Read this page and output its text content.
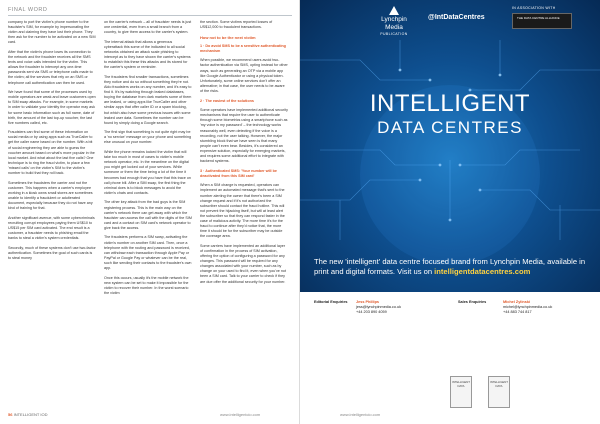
FINAL WORD

company to port the victim's phone number to the fraudster's SIM, for example by impersonating the victim and claiming they have lost their phone. They then ask for the number to be activated on a new SIM card.

After that the victim's phone loses its connection to the network and the fraudster receives all the SMS texts and voice calls intended for the victim. This allows the fraudster to intercept any one-time passwords sent via SMS or telephone calls made to the victim; all the services that rely on an SMS or telephone call authentication can then be used.

We have found that some of the processes used by mobile operators are weak and leave customers open to SIM swap attacks. For example, in some markets in order to validate your identity the operator may ask for some basic information such as full name, date of birth, the amount of the last top-up voucher, the last five numbers called, etc.

Fraudsters can find some of these information on social media or by using apps such as TrueCaller to get the caller name based on the number. With a bit of social engineering they are able to guess the voucher amount based on what's more popular in the local market. And what about the last five calls? One technique is to ring the fraud victim, to place a few 'missed calls' on the victim's SIM to the victim's number to build that they roll back.

Sometimes the fraudsters the carrier and not the customer. This happens when a carrier's employee working in a kiosk owns small stores are sometimes unable to identify a fraudulent or adulterated document, especially because they do not have any kind of training for that.

Another significant avenue, with some cybercriminals recruiting corrupt employees paying them US$10 to US$15 per SIM card activated. The end result is a customer, a fraudster needs to phishing email the banks to steal a victim's system credentials.

Secondly, much of these systems don't use two-factor authentication. Sometimes the goal of such cards is to steal money

on the carrier's network – all of fraudster needs is just one credential, even from a small branch from a country, to give them access to the carrier's system.

The internal attack that allows a generous cyberattack this some of the indicated to all social networks obtained an attack scale phishing to intercept as to they have shown the carrier's systems to establish this these this attacks and its stored for the carrier's system or reminder.

The fraudsters find smaller transactions, sometimes they notice and do so without something they're not. Aldo fraudsters works on any number, and it's easy to find it. It's by watching through leaked databases, buying the database from dark markets some of them are leaked, or using apps like TrueCaller and other similar apps that offer caller ID or a spam blocking, but which also have some previous issues with some leaked user data. Sometimes the number can be found by simply doing a Google search.

The first sign that something is not quite right may be a 'no service' message on your phone and something else unusual on your number.

While the phone remains locked the victim that will take too much in most of cases to victim's mobile network operator, etc. In the meantime on the digital you might get locked out of your services. While someone or them the time being a lot of the time it becomes bad enough that you have that this trace on call phone bill. After a SIM swap, the first thing the criminal does is to block messages to avoid the victim's chats and contacts.

The other key attack from the bad guys is the SIM registering process. This is the main way on the carrier's network there can get away with which the fraudster can access the call with the digits of the SIM card and a contact on SIM card's network operator to give back the access.

The fraudsters performs a SIM swap, activating the victim's number on another SIM card. Then, once a telephone with the routing and password is received, can withdraw each transaction through Apple Pay or PayPal or Google Pay or whatever can be the real, such like sending their contacts to the fraudster's own app.

Once this occurs, usually it's the mobile network the new system can be set to make it impossible for the victim to recover their number. In the worst scenario the victim

the section. Some victims reported losses of US$12,000 to fraudulent transactions.

How not to be the next victim

1 · Do avoid SMS to be a sensitive authenticating mechanism

When possible, we recommend users avoid two-factor authentication via SMS, opting instead for other ways, such as generating an OTP via a mobile app like Google Authenticator or using a physical token. Unfortunately, some online services don't offer an alternative; in that case, the user needs to be aware of the risks.

2 · The easiest of the solutions

Some operators have implemented additional security mechanisms that require the user to authenticate through some biometrics using a smartphone such as 'my voice is my password' – the technology works reasonably well, even detecting if the voice is a recording, not the user talking. However, the major stumbling block that we have seen is that many people can't even bear. Besides, it's considered an expensive solution, especially for emerging markets, and requires some additional effort to integrate with backend systems.

3 · Authenticated SMS: 'Your number will be deactivated from this SIM card'

When a SIM change is requested, operators can implement an automated message that's sent to the number alerting the owner that there's been a SIM change request and if it's not authorized the subscriber should contact the fraud hotline. This will not prevent the hijacking itself, but will at least alert the subscriber so that they can respond faster in the case of malicious activity. The more time it's for the fraud to continue after they'd notice that, the more time it should be for the subscriber may be outside the coverage area.

Some carriers have implemented an additional layer of confirmation in the process of SIM activation, offering the option of configuring a password for any changes. This password will be required for any changes associated with your number, such as by change on your used to find it, even when you've not been a SIM card. Talk to your carrier to check if they are due offer the additional security for your number.

56 INTELLIGENT IOD	www.intelligentcio.com
Lynchpin
Media
PUBLICATION
@IntDataCentres
IN ASSOCIATION WITH
THE DATA CENTRE ALLIANCE
INTELLIGENT
DATA CENTRES
The new 'intelligent' data centre focused brand from Lynchpin Media, available in print and digital formats. Visit us on intelligentdatacentres.com
Editorial Enquiries Jess Phillips
jess@lynchpinmedia.co.uk
+44 203 890 4059
Sales Enquiries	Michel Zylinski
michel@lynchpinmedia.co.uk
+44 883 744 817
INTELLIGENT DATA
INTELLIGENT DATA
www.intelligentcio.com
